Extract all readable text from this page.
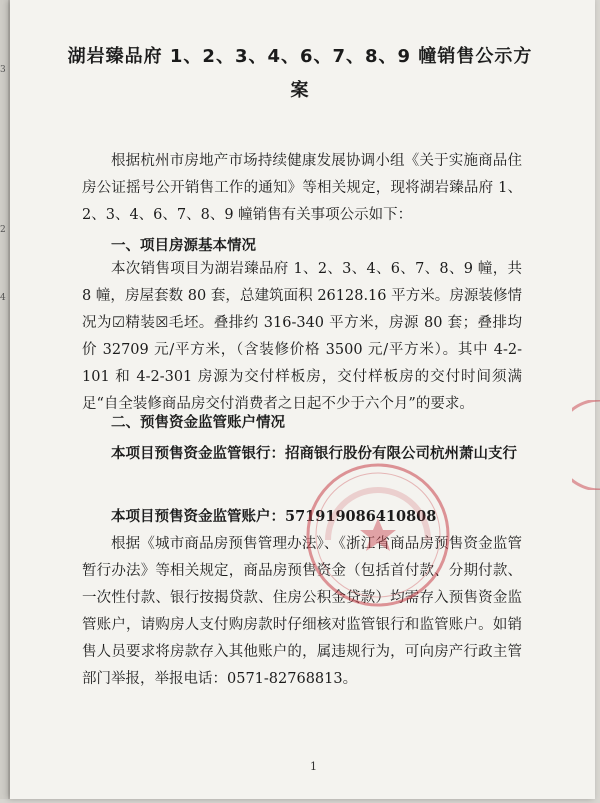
3
2
4
湖岩臻品府 1、2、3、4、6、7、8、9 幢销售公示方案
根据杭州市房地产市场持续健康发展协调小组《关于实施商品住房公证摇号公开销售工作的通知》等相关规定，现将湖岩臻品府 1、2、3、4、6、7、8、9 幢销售有关事项公示如下：
一、项目房源基本情况
本次销售项目为湖岩臻品府 1、2、3、4、6、7、8、9 幢，共 8 幢，房屋套数 80 套，总建筑面积 26128.16 平方米。房源装修情况为☑精装☒毛坯。叠排约 316-340 平方米，房源 80 套；叠排均价 32709 元/平方米，（含装修价格 3500 元/平方米）。其中 4-2-101 和 4-2-301 房源为交付样板房，交付样板房的交付时间须满足“自全装修商品房交付消费者之日起不少于六个月”的要求。
二、预售资金监管账户情况
本项目预售资金监管银行：招商银行股份有限公司杭州萧山支行
本项目预售资金监管账户：571919086410808
根据《城市商品房预售管理办法》、《浙江省商品房预售资金监管暂行办法》等相关规定，商品房预售资金（包括首付款、分期付款、一次性付款、银行按揭贷款、住房公积金贷款）均需存入预售资金监管账户，请购房人支付购房款时仔细核对监管银行和监管账户。如销售人员要求将房款存入其他账户的，属违规行为，可向房产行政主管部门举报，举报电话：0571-82768813。
1
